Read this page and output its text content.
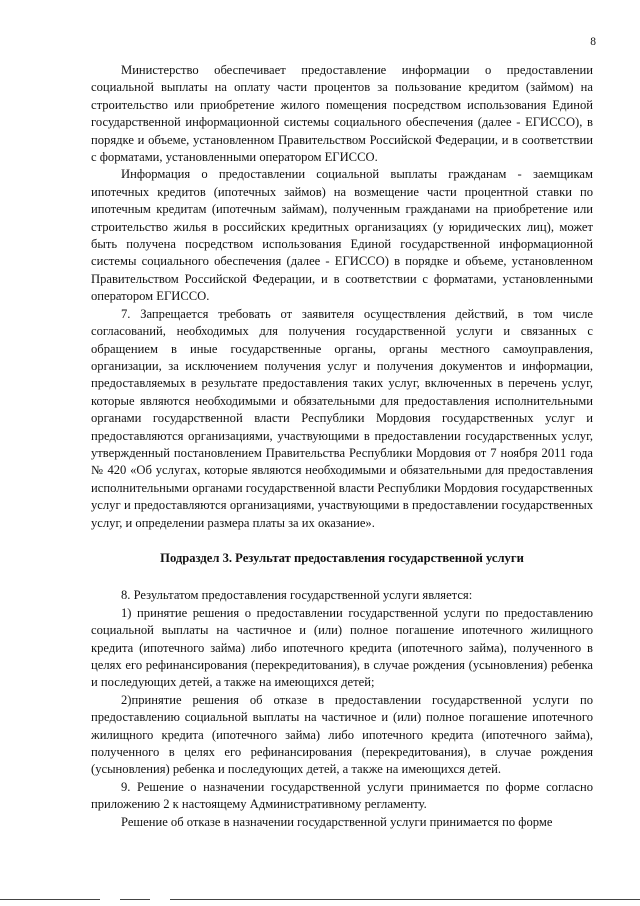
8

Министерство обеспечивает предоставление информации о предоставлении социальной выплаты на оплату части процентов за пользование кредитом (займом) на строительство или приобретение жилого помещения посредством использования Единой государственной информационной системы социального обеспечения (далее - ЕГИССО), в порядке и объеме, установленном Правительством Российской Федерации, и в соответствии с форматами, установленными оператором ЕГИССО.

Информация о предоставлении социальной выплаты гражданам - заемщикам ипотечных кредитов (ипотечных займов) на возмещение части процентной ставки по ипотечным кредитам (ипотечным займам), полученным гражданами на приобретение или строительство жилья в российских кредитных организациях (у юридических лиц), может быть получена посредством использования Единой государственной информационной системы социального обеспечения (далее - ЕГИССО) в порядке и объеме, установленном Правительством Российской Федерации, и в соответствии с форматами, установленными оператором ЕГИССО.

7. Запрещается требовать от заявителя осуществления действий, в том числе согласований, необходимых для получения государственной услуги и связанных с обращением в иные государственные органы, органы местного самоуправления, организации, за исключением получения услуг и получения документов и информации, предоставляемых в результате предоставления таких услуг, включенных в перечень услуг, которые являются необходимыми и обязательными для предоставления исполнительными органами государственной власти Республики Мордовия государственных услуг и предоставляются организациями, участвующими в предоставлении государственных услуг, утвержденный постановлением Правительства Республики Мордовия от 7 ноября 2011 года № 420 «Об услугах, которые являются необходимыми и обязательными для предоставления исполнительными органами государственной власти Республики Мордовия государственных услуг и предоставляются организациями, участвующими в предоставлении государственных услуг, и определении размера платы за их оказание».

Подраздел 3. Результат предоставления государственной услуги

8. Результатом предоставления государственной услуги является:

1) принятие решения о предоставлении государственной услуги по предоставлению социальной выплаты на частичное и (или) полное погашение ипотечного жилищного кредита (ипотечного займа) либо ипотечного кредита (ипотечного займа), полученного в целях его рефинансирования (перекредитования), в случае рождения (усыновления) ребенка и последующих детей, а также на имеющихся детей;

2)принятие решения об отказе в предоставлении государственной услуги по предоставлению социальной выплаты на частичное и (или) полное погашение ипотечного жилищного кредита (ипотечного займа) либо ипотечного кредита (ипотечного займа), полученного в целях его рефинансирования (перекредитования), в случае рождения (усыновления) ребенка и последующих детей, а также на имеющихся детей.

9. Решение о назначении государственной услуги принимается по форме согласно приложению 2 к настоящему Административному регламенту.

Решение об отказе в назначении государственной услуги принимается по форме
